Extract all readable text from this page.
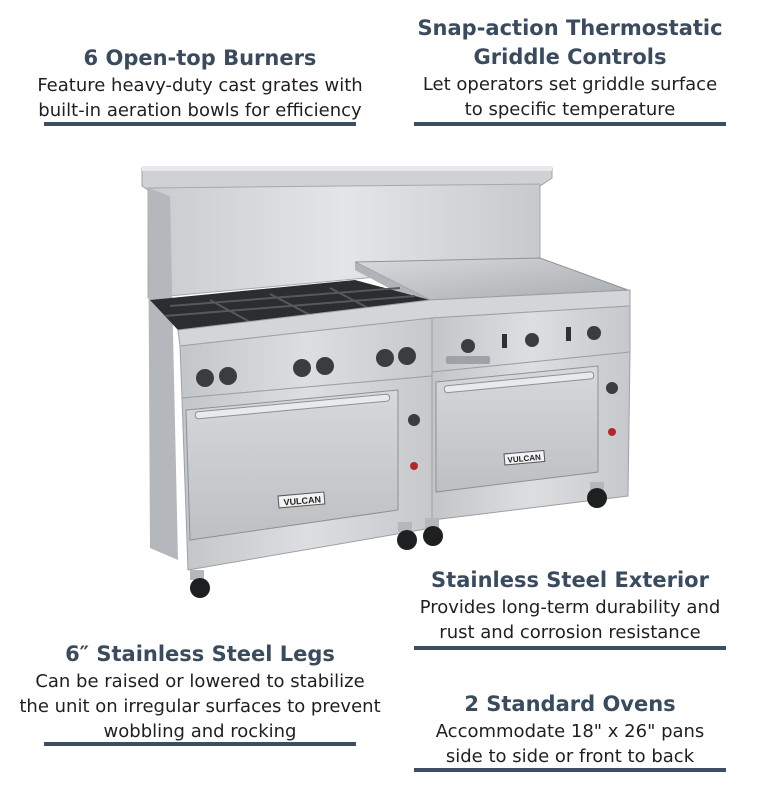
VULCAN
VULCAN
6 Open-top Burners

Feature heavy-duty cast grates with

built-in aeration bowls for efficiency

Snap-action Thermostatic
Griddle Controls

Let operators set griddle surface

to specific temperature

Stainless Steel Exterior

Provides long-term durability and

rust and corrosion resistance

6″ Stainless Steel Legs

Can be raised or lowered to stabilize

the unit on irregular surfaces to prevent

wobbling and rocking

2 Standard Ovens

Accommodate 18" x 26" pans

side to side or front to back
